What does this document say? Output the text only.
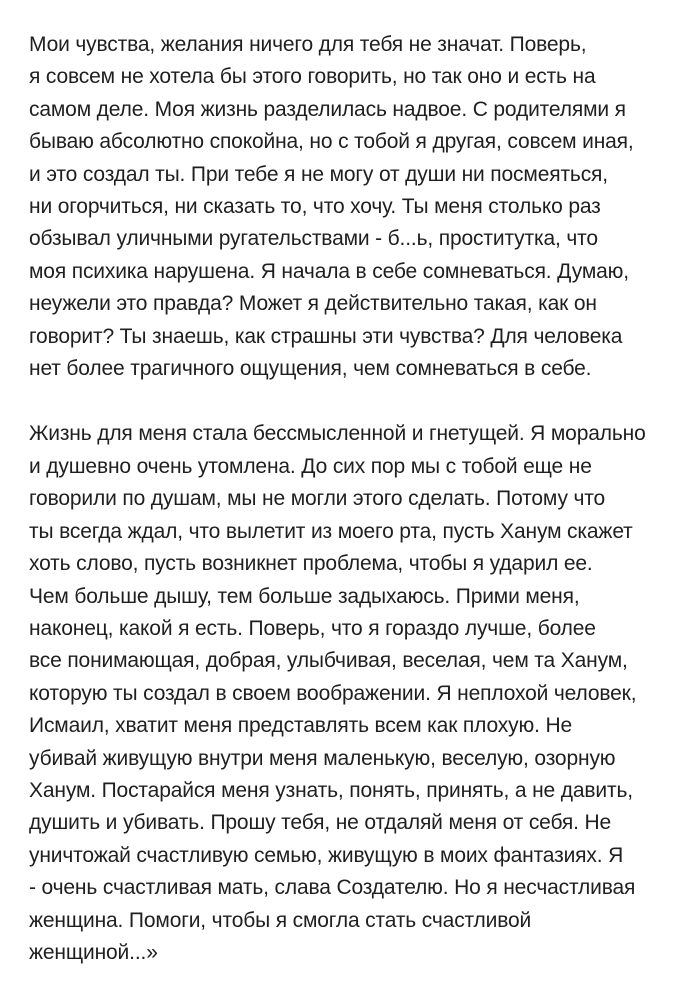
Мои чувства, желания ничего для тебя не значат. Поверь,
я совсем не хотела бы этого говорить, но так оно и есть на
самом деле. Моя жизнь разделилась надвое. С родителями я
бываю абсолютно спокойна, но с тобой я другая, совсем иная,
и это создал ты. При тебе я не могу от души ни посмеяться,
ни огорчиться, ни сказать то, что хочу. Ты меня столько раз
обзывал уличными ругательствами - б...ь, проститутка, что
моя психика нарушена. Я начала в себе сомневаться. Думаю,
неужели это правда? Может я действительно такая, как он
говорит? Ты знаешь, как страшны эти чувства? Для человека
нет более трагичного ощущения, чем сомневаться в себе.
Жизнь для меня стала бессмысленной и гнетущей. Я морально
и душевно очень утомлена. До сих пор мы с тобой еще не
говорили по душам, мы не могли этого сделать. Потому что
ты всегда ждал, что вылетит из моего рта, пусть Ханум скажет
хоть слово, пусть возникнет проблема, чтобы я ударил ее.
Чем больше дышу, тем больше задыхаюсь. Прими меня,
наконец, какой я есть. Поверь, что я гораздо лучше, более
все понимающая, добрая, улыбчивая, веселая, чем та Ханум,
которую ты создал в своем воображении. Я неплохой человек,
Исмаил, хватит меня представлять всем как плохую. Не
убивай живущую внутри меня маленькую, веселую, озорную
Ханум. Постарайся меня узнать, понять, принять, а не давить,
душить и убивать. Прошу тебя, не отдаляй меня от себя. Не
уничтожай счастливую семью, живущую в моих фантазиях. Я
- очень счастливая мать, слава Создателю. Но я несчастливая
женщина. Помоги, чтобы я смогла стать счастливой
женщиной...»
